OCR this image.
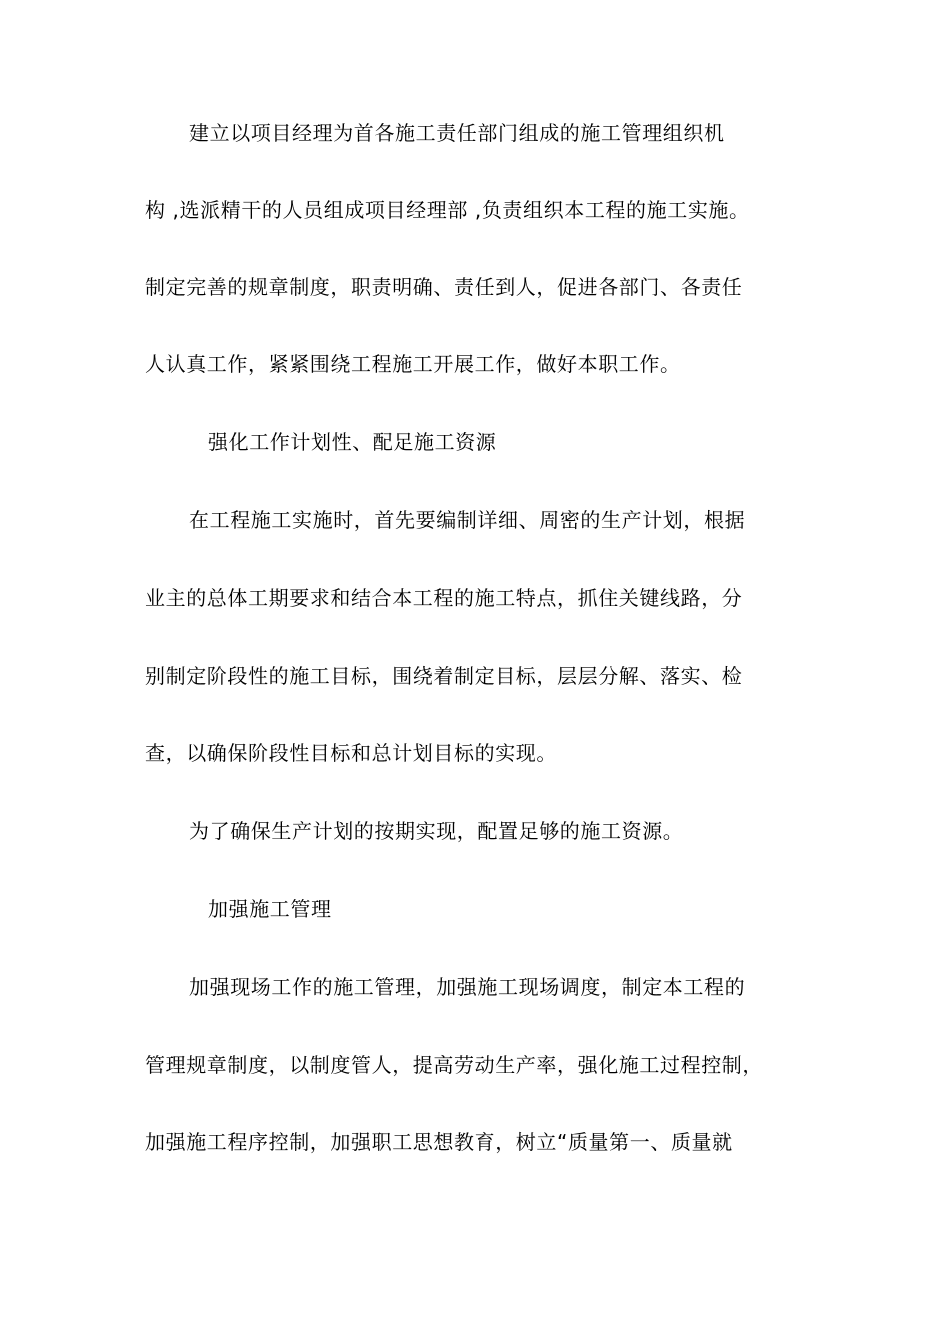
建立以项目经理为首各施工责任部门组成的施工管理组织机
构 ,选派精干的人员组成项目经理部 ,负责组织本工程的施工实施。
制定完善的规章制度，职责明确、责任到人，促进各部门、各责任
人认真工作，紧紧围绕工程施工开展工作，做好本职工作。
强化工作计划性、配足施工资源
在工程施工实施时，首先要编制详细、周密的生产计划，根据
业主的总体工期要求和结合本工程的施工特点，抓住关键线路，分
别制定阶段性的施工目标，围绕着制定目标，层层分解、落实、检
查，以确保阶段性目标和总计划目标的实现。
为了确保生产计划的按期实现，配置足够的施工资源。
加强施工管理
加强现场工作的施工管理，加强施工现场调度，制定本工程的
管理规章制度，以制度管人，提高劳动生产率，强化施工过程控制，
加强施工程序控制，加强职工思想教育，树立“质量第一、质量就
